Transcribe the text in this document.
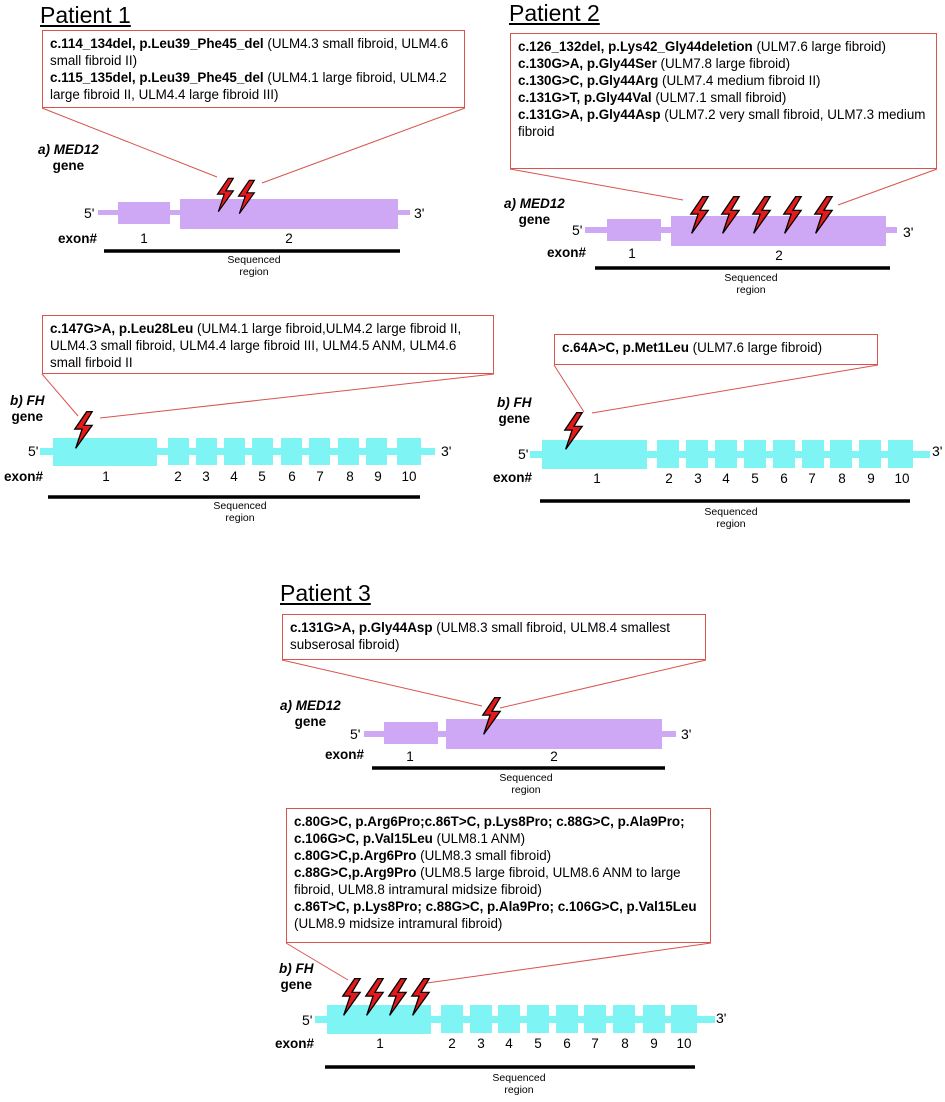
Patient 1
c.114_134del, p.Leu39_Phe45_del (ULM4.3 small fibroid, ULM4.6 small fibroid II)
c.115_135del, p.Leu39_Phe45_del (ULM4.1 large fibroid, ULM4.2 large fibroid II, ULM4.4 large fibroid III)
a) MED12
gene
5'	3'
exon#	1	2
Sequenced
region
c.147G>A, p.Leu28Leu (ULM4.1 large fibroid,ULM4.2 large fibroid II, ULM4.3 small fibroid, ULM4.4 large fibroid III, ULM4.5 ANM, ULM4.6 small firboid II
b) FH
gene
5'	3'
exon#	1	2 3 4 5 6 7 8 9 10
Sequenced
region
Patient 2
c.126_132del, p.Lys42_Gly44deletion (ULM7.6 large fibroid)
c.130G>A, p.Gly44Ser (ULM7.8 large fibroid)
c.130G>C, p.Gly44Arg (ULM7.4 medium fibroid II)
c.131G>T, p.Gly44Val (ULM7.1 small fibroid)
c.131G>A, p.Gly44Asp (ULM7.2 very small fibroid, ULM7.3 medium fibroid
a) MED12
gene
5'	3'
exon#	1	2
Sequenced
region
c.64A>C, p.Met1Leu (ULM7.6 large fibroid)
b) FH
gene
5'	3'
exon#	1	2 3 4 5 6 7 8 9 10
Sequenced
region
Patient 3
c.131G>A, p.Gly44Asp (ULM8.3 small fibroid, ULM8.4 smallest subserosal fibroid)
a) MED12
gene
5'	3'
exon#	1	2
Sequenced
region
c.80G>C, p.Arg6Pro;c.86T>C, p.Lys8Pro; c.88G>C, p.Ala9Pro; c.106G>C, p.Val15Leu (ULM8.1 ANM)
c.80G>C,p.Arg6Pro (ULM8.3 small fibroid)
c.88G>C,p.Arg9Pro (ULM8.5 large fibroid, ULM8.6 ANM to large fibroid, ULM8.8 intramural midsize fibroid)
c.86T>C, p.Lys8Pro; c.88G>C, p.Ala9Pro; c.106G>C, p.Val15Leu (ULM8.9 midsize intramural fibroid)
b) FH
gene
5'	3'
exon#	1	2 3 4 5 6 7 8 9 10
Sequenced
region
